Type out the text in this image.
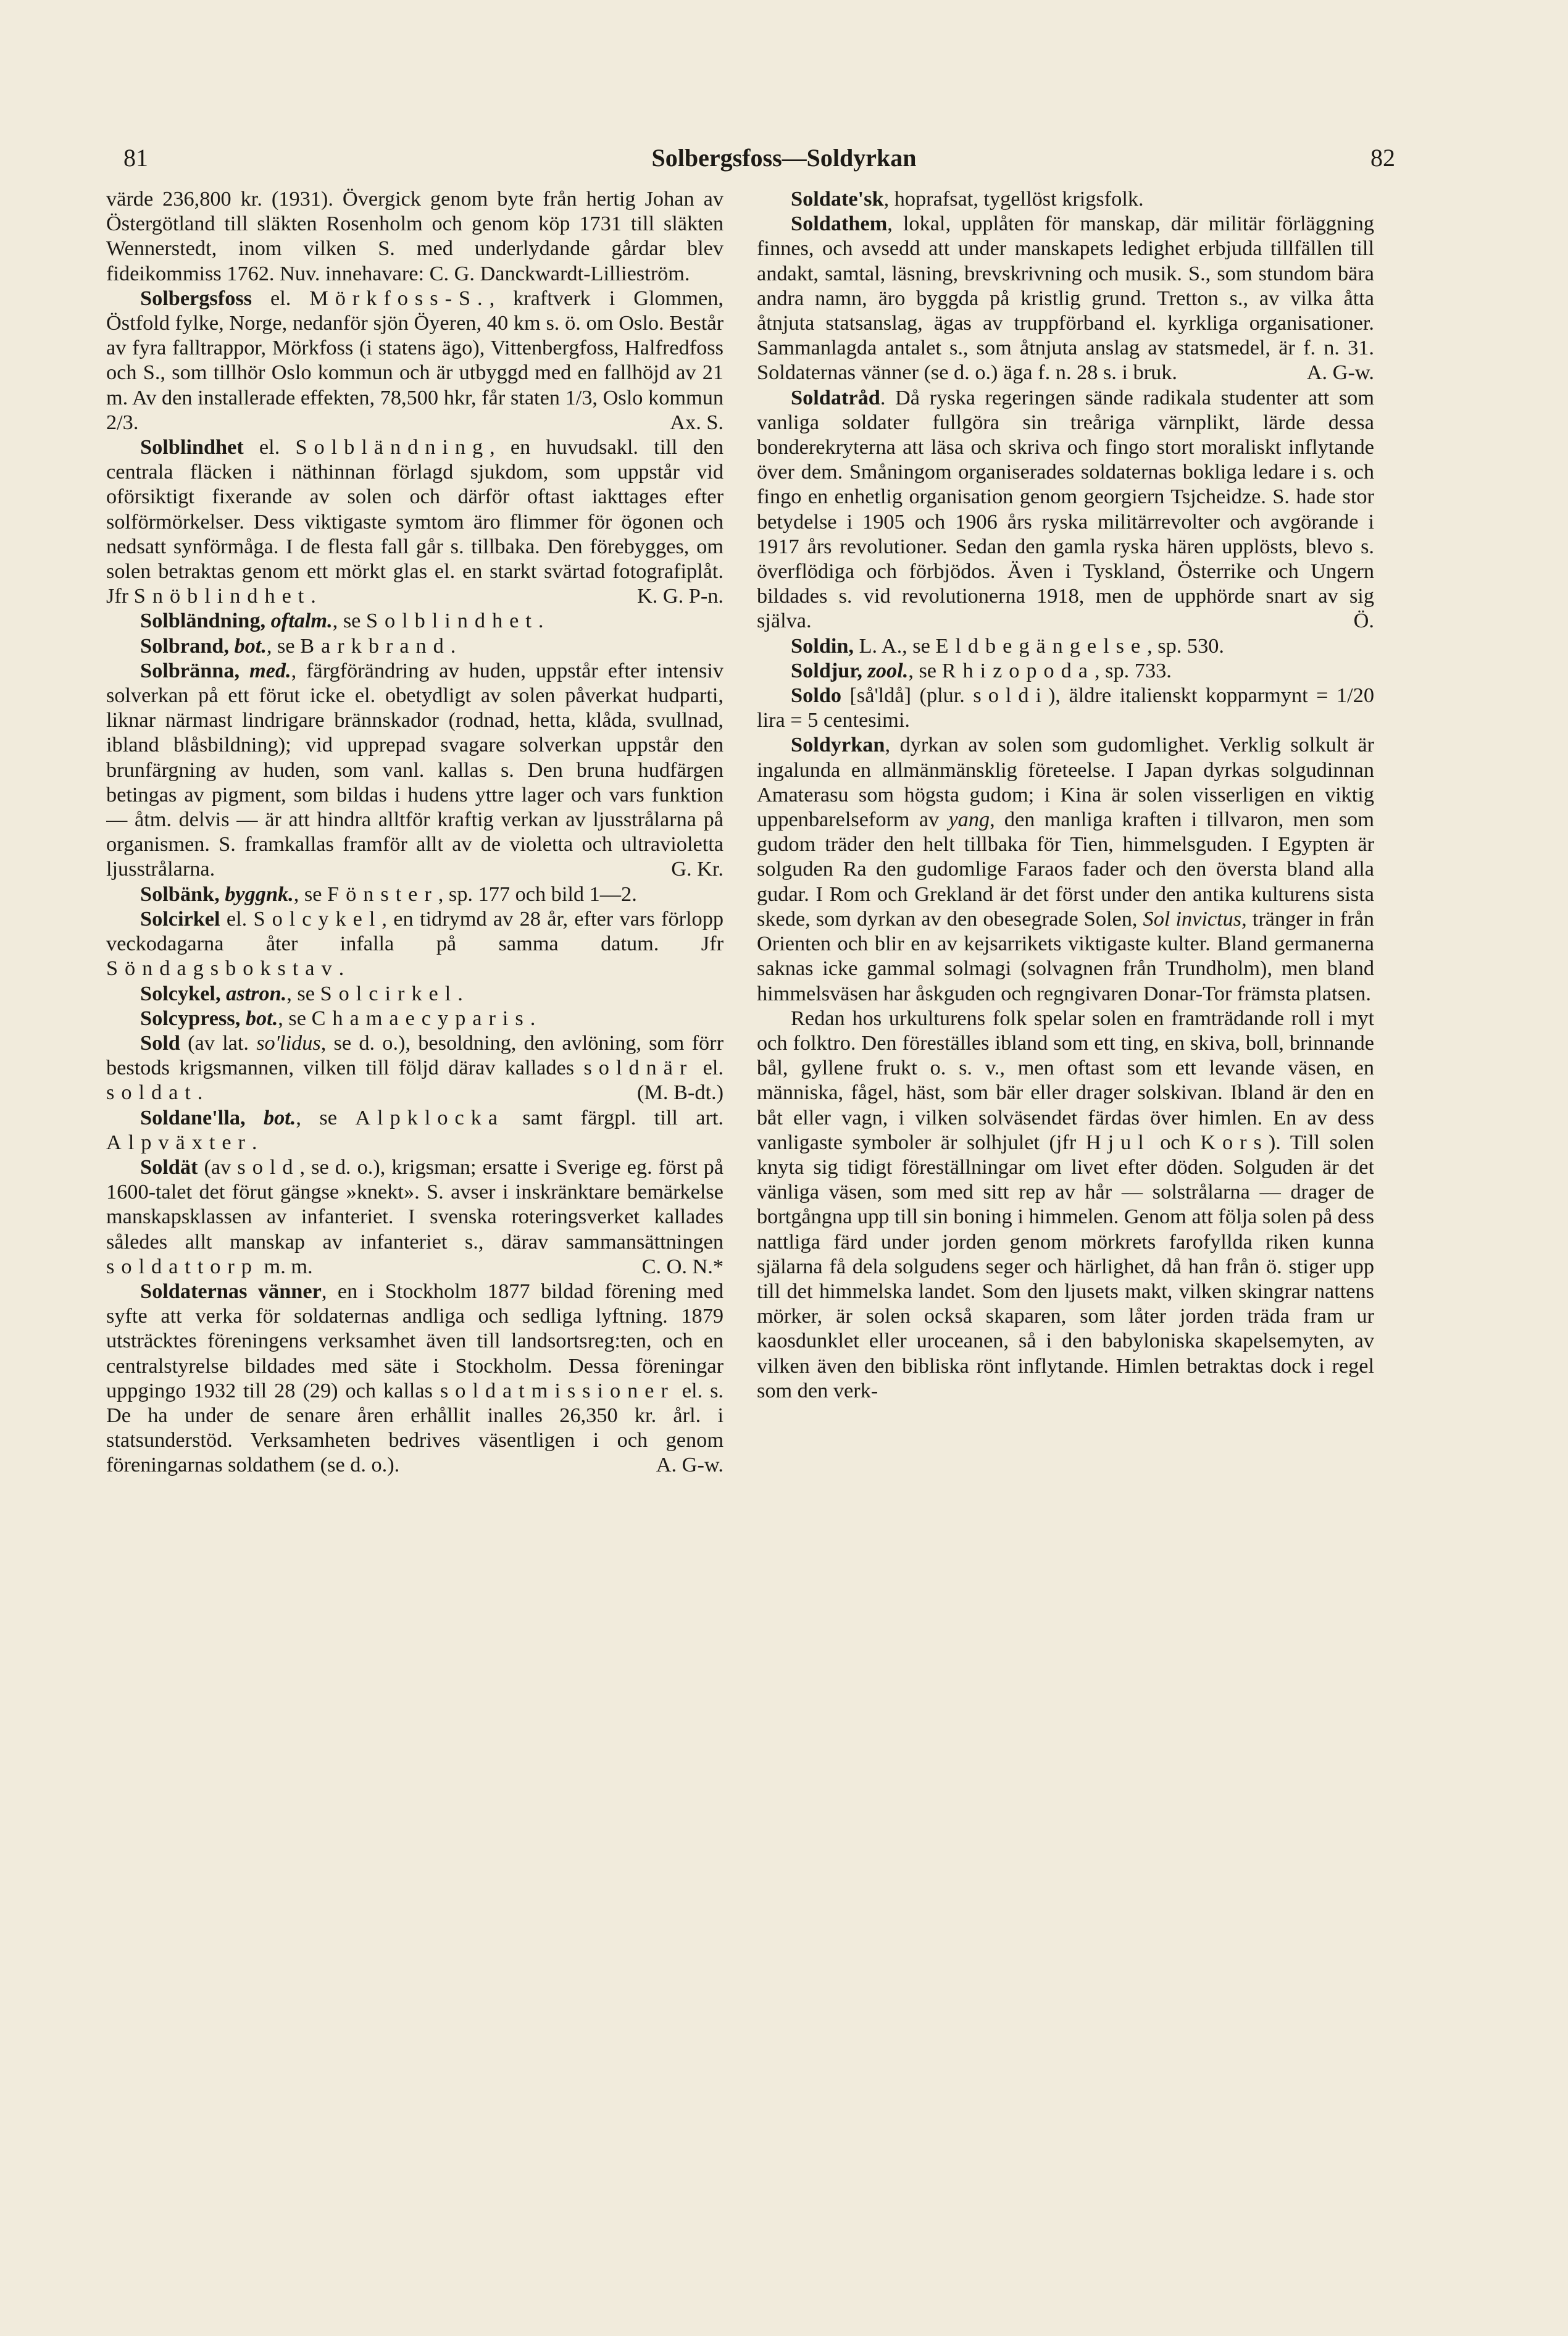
81	Solbergsfoss—Soldyrkan	82

värde 236,800 kr. (1931). Övergick genom byte från hertig Johan av Östergötland till släkten Rosenholm och genom köp 1731 till släkten Wennerstedt, inom vilken S. med underlydande gårdar blev fideikommiss 1762. Nuv. innehavare: C. G. Danckwardt-Lillieström.

Solbergsfoss el. Mörkfoss-S., kraftverk i Glommen, Östfold fylke, Norge, nedanför sjön Öyeren, 40 km s. ö. om Oslo. Består av fyra falltrappor, Mörkfoss (i statens ägo), Vittenbergfoss, Halfredfoss och S., som tillhör Oslo kommun och är utbyggd med en fallhöjd av 21 m. Av den installerade effekten, 78,500 hkr, får staten 1/3, Oslo kommun 2/3.	Ax. S.

Solblindhet el. Solbländning, en huvudsakl. till den centrala fläcken i näthinnan förlagd sjukdom, som uppstår vid oförsiktigt fixerande av solen och därför oftast iakttages efter solförmörkelser. Dess viktigaste symtom äro flimmer för ögonen och nedsatt synförmåga. I de flesta fall går s. tillbaka. Den förebygges, om solen betraktas genom ett mörkt glas el. en starkt svärtad fotografiplåt. Jfr Snöblindhet.	K. G. P-n.

Solbländning, oftalm., se Solblindhet.

Solbrand, bot., se Barkbrand.

Solbränna, med., färgförändring av huden, uppstår efter intensiv solverkan på ett förut icke el. obetydligt av solen påverkat hudparti, liknar närmast lindrigare brännskador (rodnad, hetta, klåda, svullnad, ibland blåsbildning); vid upprepad svagare solverkan uppstår den brunfärgning av huden, som vanl. kallas s. Den bruna hudfärgen betingas av pigment, som bildas i hudens yttre lager och vars funktion — åtm. delvis — är att hindra alltför kraftig verkan av ljusstrålarna på organismen. S. framkallas framför allt av de violetta och ultravioletta ljusstrålarna.	G. Kr.

Solbänk, byggnk., se Fönster, sp. 177 och bild 1—2.

Solcirkel el. Solcykel, en tidrymd av 28 år, efter vars förlopp veckodagarna åter infalla på samma datum. Jfr Söndagsbokstav.

Solcykel, astron., se Solcirkel.

Solcypress, bot., se Chamaecyparis.

Sold (av lat. so'lidus, se d. o.), besoldning, den avlöning, som förr bestods krigsmannen, vilken till följd därav kallades soldnär el. soldat.	(M. B-dt.)

Soldane'lla, bot., se Alpklocka samt färgpl. till art. Alpväxter.

Soldät (av sold, se d. o.), krigsman; ersatte i Sverige eg. först på 1600-talet det förut gängse »knekt». S. avser i inskränktare bemärkelse manskapsklassen av infanteriet. I svenska roteringsverket kallades således allt manskap av infanteriet s., därav sammansättningen soldattorp m. m.	C. O. N.*

Soldaternas vänner, en i Stockholm 1877 bildad förening med syfte att verka för soldaternas andliga och sedliga lyftning. 1879 utsträcktes föreningens verksamhet även till landsortsreg:ten, och en centralstyrelse bildades med säte i Stockholm. Dessa föreningar uppgingo 1932 till 28 (29) och kallas soldatmissioner el. s. De ha under de senare åren erhållit inalles 26,350 kr. årl. i statsunderstöd. Verksamheten bedrives väsentligen i och genom föreningarnas soldathem (se d. o.).	A. G-w.

Soldate'sk, hoprafsat, tygellöst krigsfolk.

Soldathem, lokal, upplåten för manskap, där militär förläggning finnes, och avsedd att under manskapets ledighet erbjuda tillfällen till andakt, samtal, läsning, brevskrivning och musik. S., som stundom bära andra namn, äro byggda på kristlig grund. Tretton s., av vilka åtta åtnjuta statsanslag, ägas av truppförband el. kyrkliga organisationer. Sammanlagda antalet s., som åtnjuta anslag av statsmedel, är f. n. 31. Soldaternas vänner (se d. o.) äga f. n. 28 s. i bruk.	A. G-w.

Soldatråd. Då ryska regeringen sände radikala studenter att som vanliga soldater fullgöra sin treåriga värnplikt, lärde dessa bonderekryterna att läsa och skriva och fingo stort moraliskt inflytande över dem. Småningom organiserades soldaternas bokliga ledare i s. och fingo en enhetlig organisation genom georgiern Tsjcheidze. S. hade stor betydelse i 1905 och 1906 års ryska militärrevolter och avgörande i 1917 års revolutioner. Sedan den gamla ryska hären upplösts, blevo s. överflödiga och förbjödos. Även i Tyskland, Österrike och Ungern bildades s. vid revolutionerna 1918, men de upphörde snart av sig själva.	Ö.

Soldin, L. A., se Eldbegängelse, sp. 530.

Soldjur, zool., se Rhizopoda, sp. 733.

Soldo [så'ldå] (plur. soldi), äldre italienskt kopparmynt = 1/20 lira = 5 centesimi.

Soldyrkan, dyrkan av solen som gudomlighet. Verklig solkult är ingalunda en allmänmänsklig företeelse. I Japan dyrkas solgudinnan Amaterasu som högsta gudom; i Kina är solen visserligen en viktig uppenbarelseform av yang, den manliga kraften i tillvaron, men som gudom träder den helt tillbaka för Tien, himmelsguden. I Egypten är solguden Ra den gudomlige Faraos fader och den översta bland alla gudar. I Rom och Grekland är det först under den antika kulturens sista skede, som dyrkan av den obesegrade Solen, Sol invictus, tränger in från Orienten och blir en av kejsarrikets viktigaste kulter. Bland germanerna saknas icke gammal solmagi (solvagnen från Trundholm), men bland himmelsväsen har åskguden och regngivaren Donar-Tor främsta platsen.

Redan hos urkulturens folk spelar solen en framträdande roll i myt och folktro. Den föreställes ibland som ett ting, en skiva, boll, brinnande bål, gyllene frukt o. s. v., men oftast som ett levande väsen, en människa, fågel, häst, som bär eller drager solskivan. Ibland är den en båt eller vagn, i vilken solväsendet färdas över himlen. En av dess vanligaste symboler är solhjulet (jfr Hjul och Kors). Till solen knyta sig tidigt föreställningar om livet efter döden. Solguden är det vänliga väsen, som med sitt rep av hår — solstrålarna — drager de bortgångna upp till sin boning i himmelen. Genom att följa solen på dess nattliga färd under jorden genom mörkrets farofyllda riken kunna själarna få dela solgudens seger och härlighet, då han från ö. stiger upp till det himmelska landet. Som den ljusets makt, vilken skingrar nattens mörker, är solen också skaparen, som låter jorden träda fram ur kaosdunklet eller uroceanen, så i den babyloniska skapelsemyten, av vilken även den bibliska rönt inflytande. Himlen betraktas dock i regel som den verk-
